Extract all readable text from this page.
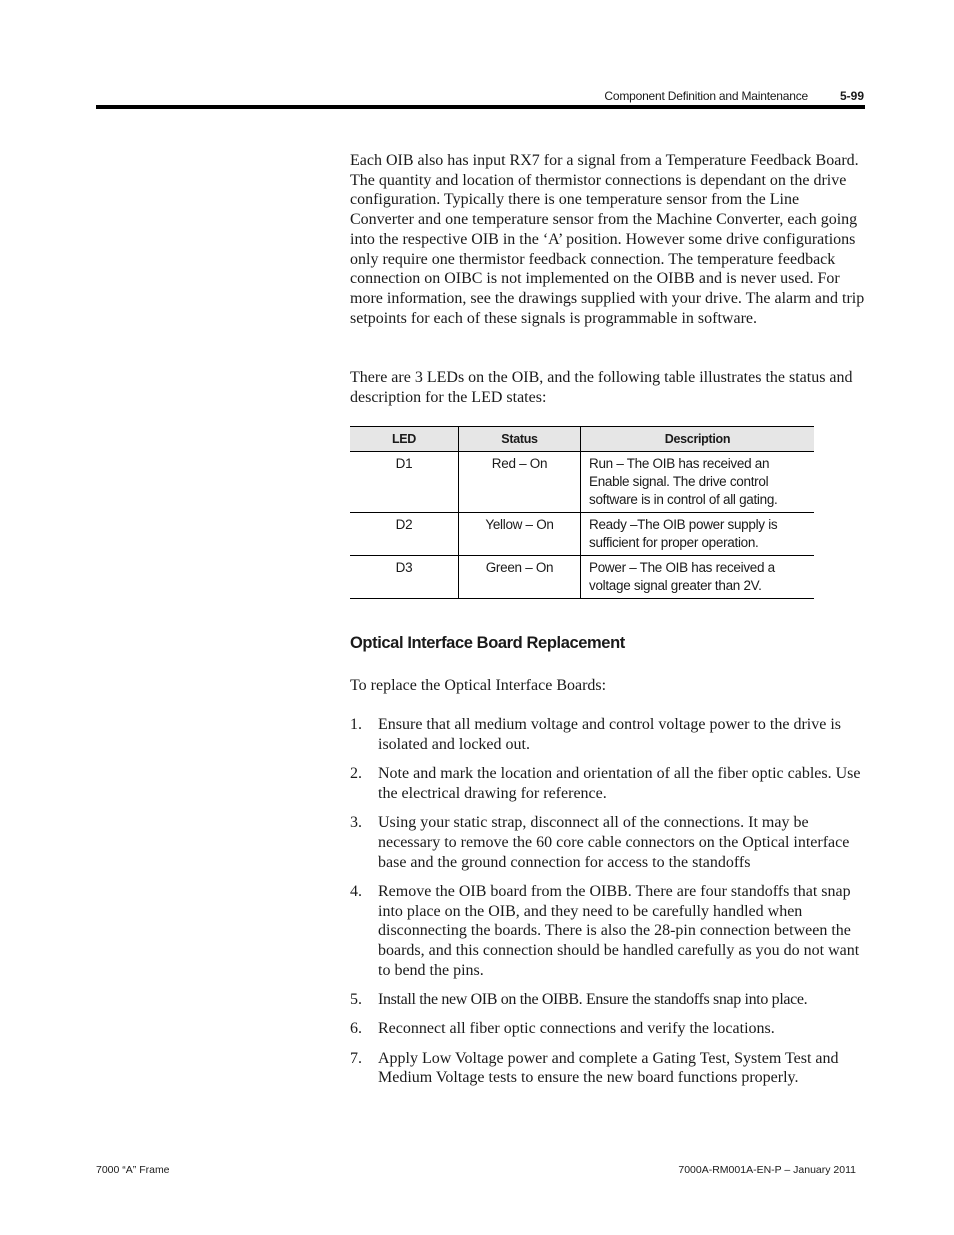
Component Definition and Maintenance	5-99

Each OIB also has input RX7 for a signal from a Temperature Feedback Board. The quantity and location of thermistor connections is dependant on the drive configuration. Typically there is one temperature sensor from the Line Converter and one temperature sensor from the Machine Converter, each going into the respective OIB in the ‘A’ position. However some drive configurations only require one thermistor feedback connection. The temperature feedback connection on OIBC is not implemented on the OIBB and is never used. For more information, see the drawings supplied with your drive. The alarm and trip setpoints for each of these signals is programmable in software.

There are 3 LEDs on the OIB, and the following table illustrates the status and description for the LED states:

LED	Status	Description
D1	Red – On	Run – The OIB has received an Enable signal. The drive control software is in control of all gating.
D2	Yellow – On	Ready –The OIB power supply is sufficient for proper operation.
D3	Green – On	Power – The OIB has received a voltage signal greater than 2V.
Optical Interface Board Replacement

To replace the Optical Interface Boards:

1. Ensure that all medium voltage and control voltage power to the drive is isolated and locked out.
2. Note and mark the location and orientation of all the fiber optic cables. Use the electrical drawing for reference.
3. Using your static strap, disconnect all of the connections. It may be necessary to remove the 60 core cable connectors on the Optical interface base and the ground connection for access to the standoffs
4. Remove the OIB board from the OIBB. There are four standoffs that snap into place on the OIB, and they need to be carefully handled when disconnecting the boards. There is also the 28-pin connection between the boards, and this connection should be handled carefully as you do not want to bend the pins.
5. Install the new OIB on the OIBB. Ensure the standoffs snap into place.
6. Reconnect all fiber optic connections and verify the locations.
7. Apply Low Voltage power and complete a Gating Test, System Test and Medium Voltage tests to ensure the new board functions properly.
7000 “A” Frame	7000A-RM001A-EN-P – January 2011
